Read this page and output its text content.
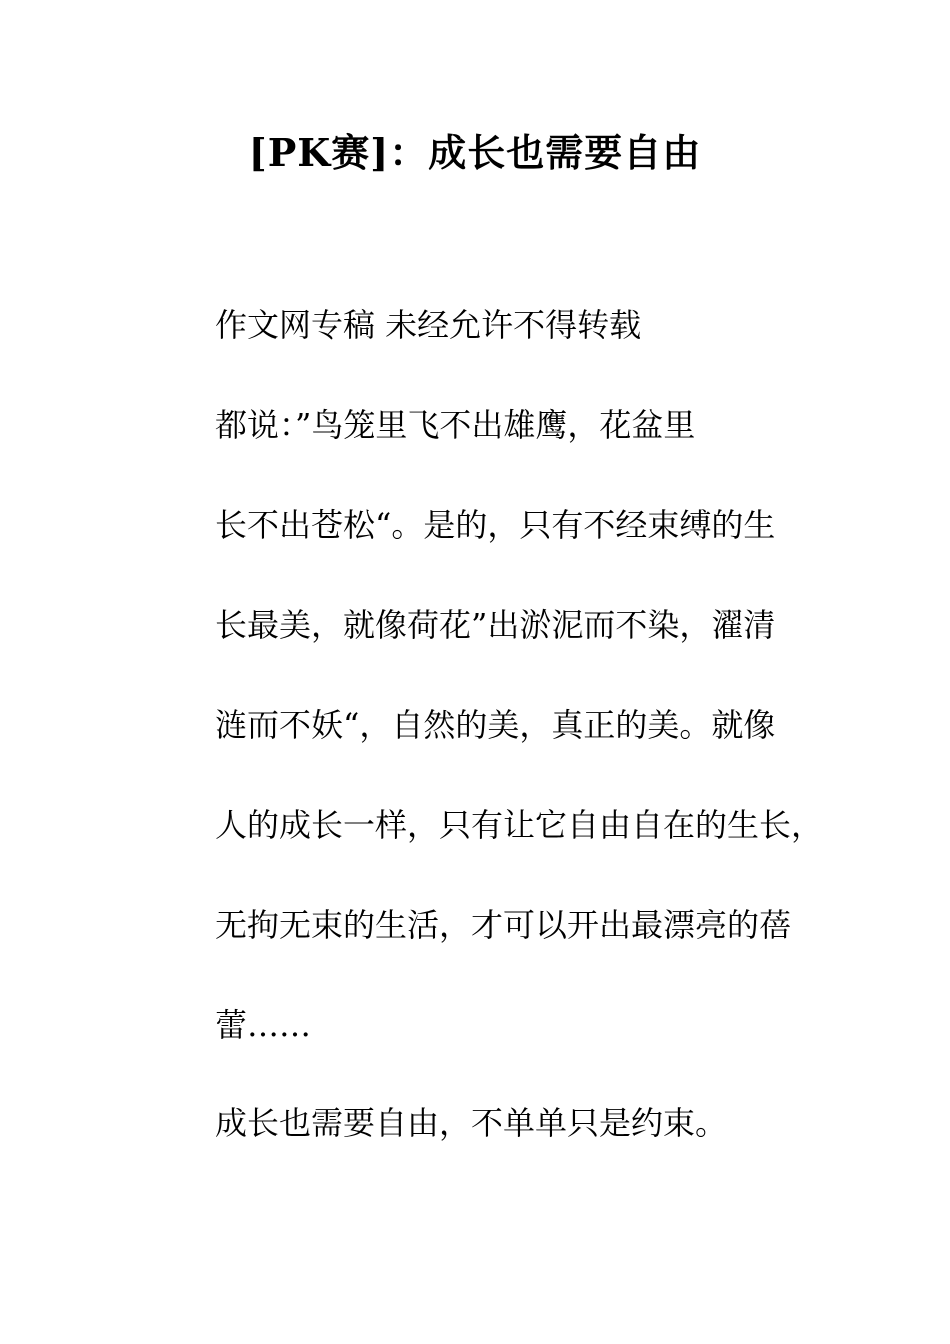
[PK赛]：成长也需要自由

作文网专稿 未经允许不得转载

都说：”鸟笼里飞不出雄鹰，花盆里
长不出苍松“。是的，只有不经束缚的生
长最美，就像荷花”出淤泥而不染，濯清
涟而不妖“，自然的美，真正的美。就像
人的成长一样，只有让它自由自在的生长，
无拘无束的生活，才可以开出最漂亮的蓓
蕾……

成长也需要自由，不单单只是约束。
